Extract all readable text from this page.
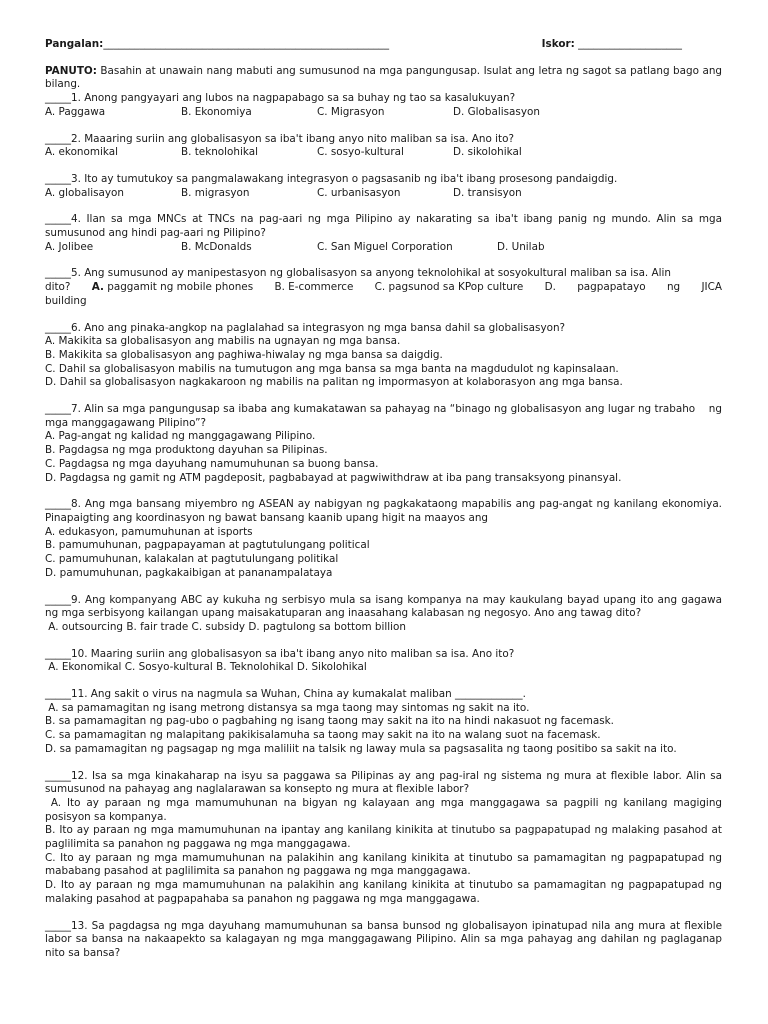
Pangalan:_______________________________________________________	Iskor: ____________________
PANUTO: Basahin at unawain nang mabuti ang sumusunod na mga pangungusap. Isulat ang letra ng sagot sa patlang bago ang bilang.
_____1. Anong pangyayari ang lubos na nagpapabago sa sa buhay ng tao sa kasalukuyan?
A. Paggawa	B. Ekonomiya	C. Migrasyon	D. Globalisasyon
_____2. Maaaring suriin ang globalisasyon sa iba't ibang anyo nito maliban sa isa. Ano ito?
A. ekonomikal	B. teknolohikal	C. sosyo-kultural	D. sikolohikal
_____3. Ito ay tumutukoy sa pangmalawakang integrasyon o pagsasanib ng iba't ibang prosesong pandaigdig.
A. globalisayon	B. migrasyon	C. urbanisasyon	D. transisyon
_____4. Ilan sa mga MNCs at TNCs na pag-aari ng mga Pilipino ay nakarating sa iba't ibang panig ng mundo. Alin sa mga sumusunod ang hindi pag-aari ng Pilipino?
A. Jolibee	B. McDonalds	C. San Miguel Corporation	D. Unilab
_____5. Ang sumusunod ay manipestasyon ng globalisasyon sa anyong teknolohikal at sosyokultural maliban sa isa. Alin
dito? A. paggamit ng mobile phones B. E-commerce C. pagsunod sa KPop culture D. pagpapatayo ng JICA
building
_____6. Ano ang pinaka-angkop na paglalahad sa integrasyon ng mga bansa dahil sa globalisasyon?
A. Makikita sa globalisasyon ang mabilis na ugnayan ng mga bansa.
B. Makikita sa globalisasyon ang paghiwa-hiwalay ng mga bansa sa daigdig.
C. Dahil sa globalisasyon mabilis na tumutugon ang mga bansa sa mga banta na magdudulot ng kapinsalaan.
D. Dahil sa globalisasyon nagkakaroon ng mabilis na palitan ng impormasyon at kolaborasyon ang mga bansa.
_____7. Alin sa mga pangungusap sa ibaba ang kumakatawan sa pahayag na “binago ng globalisasyon ang lugar ng trabaho    ng   mga manggagawang Pilipino”?
A. Pag-angat ng kalidad ng manggagawang Pilipino.
B. Pagdagsa ng mga produktong dayuhan sa Pilipinas.
C. Pagdagsa ng mga dayuhang namumuhunan sa buong bansa.
D. Pagdagsa ng gamit ng ATM pagdeposit, pagbabayad at pagwiwithdraw at iba pang transaksyong pinansyal.
_____8. Ang mga bansang miyembro ng ASEAN ay nabigyan ng pagkakataong mapabilis ang pag-angat ng kanilang ekonomiya. Pinapaigting ang koordinasyon ng bawat bansang kaanib upang higit na maayos ang
A. edukasyon, pamumuhunan at isports
B. pamumuhunan, pagpapayaman at pagtutulungang political
C. pamumuhunan, kalakalan at pagtutulungang politikal
D. pamumuhunan, pagkakaibigan at pananampalataya
_____9. Ang kompanyang ABC ay kukuha ng serbisyo mula sa isang kompanya na may kaukulang bayad upang ito ang gagawa ng mga serbisyong kailangan upang maisakatuparan ang inaasahang kalabasan ng negosyo. Ano ang tawag dito?
A. outsourcing B. fair trade C. subsidy D. pagtulong sa bottom billion
_____10. Maaring suriin ang globalisasyon sa iba't ibang anyo nito maliban sa isa. Ano ito?
A. Ekonomikal C. Sosyo-kultural B. Teknolohikal D. Sikolohikal
_____11. Ang sakit o virus na nagmula sa Wuhan, China ay kumakalat maliban _____________.
A. sa pamamagitan ng isang metrong distansya sa mga taong may sintomas ng sakit na ito.
B. sa pamamagitan ng pag-ubo o pagbahing ng isang taong may sakit na ito na hindi nakasuot ng facemask.
C. sa pamamagitan ng malapitang pakikisalamuha sa taong may sakit na ito na walang suot na facemask.
D. sa pamamagitan ng pagsagap ng mga maliliit na talsik ng laway mula sa pagsasalita ng taong positibo sa sakit na ito.
_____12. Isa sa mga kinakaharap na isyu sa paggawa sa Pilipinas ay ang pag-iral ng sistema ng mura at flexible labor. Alin sa sumusunod na pahayag ang naglalarawan sa konsepto ng mura at flexible labor?
A. Ito ay paraan ng mga mamumuhunan na bigyan ng kalayaan ang mga manggagawa sa pagpili ng kanilang magiging posisyon sa kompanya.
B. Ito ay paraan ng mga mamumuhunan na ipantay ang kanilang kinikita at tinutubo sa pagpapatupad ng malaking pasahod at paglilimita sa panahon ng paggawa ng mga manggagawa.
C. Ito ay paraan ng mga mamumuhunan na palakihin ang kanilang kinikita at tinutubo sa pamamagitan ng pagpapatupad ng mababang pasahod at paglilimita sa panahon ng paggawa ng mga manggagawa.
D. Ito ay paraan ng mga mamumuhunan na palakihin ang kanilang kinikita at tinutubo sa pamamagitan ng pagpapatupad ng malaking pasahod at pagpapahaba sa panahon ng paggawa ng mga manggagawa.
_____13. Sa pagdagsa ng mga dayuhang mamumuhunan sa bansa bunsod ng globalisayon ipinatupad nila ang mura at flexible labor sa bansa na nakaapekto sa kalagayan ng mga manggagawang Pilipino. Alin sa mga pahayag ang dahilan ng paglaganap nito sa bansa?
